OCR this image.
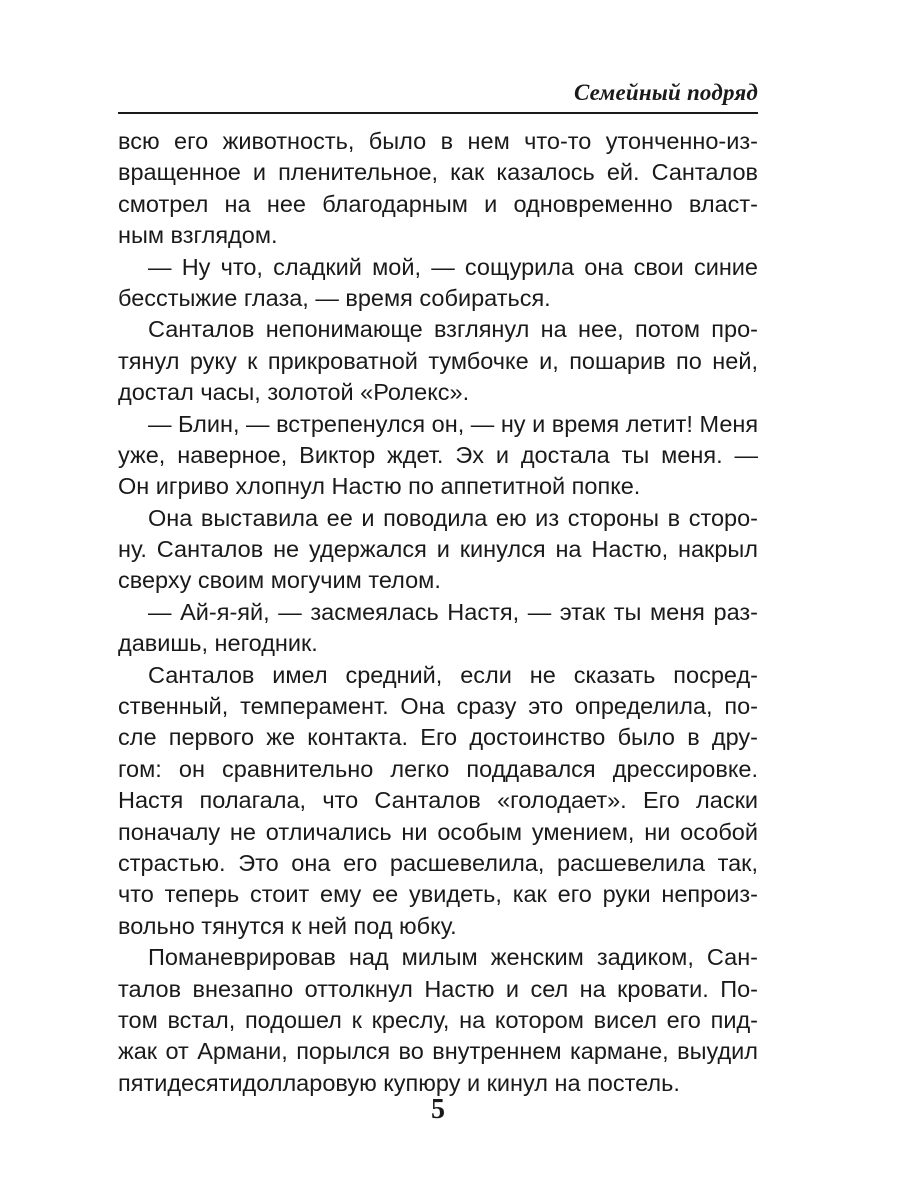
Семейный подряд
всю его животность, было в нем что-то утонченно-из-
вращенное и пленительное, как казалось ей. Санталов
смотрел на нее благодарным и одновременно власт-
ным взглядом.
— Ну что, сладкий мой, — сощурила она свои синие
бесстыжие глаза, — время собираться.
Санталов непонимающе взглянул на нее, потом про-
тянул руку к прикроватной тумбочке и, пошарив по ней,
достал часы, золотой «Ролекс».
— Блин, — встрепенулся он, — ну и время летит! Меня
уже, наверное, Виктор ждет. Эх и достала ты меня. —
Он игриво хлопнул Настю по аппетитной попке.
Она выставила ее и поводила ею из стороны в сторо-
ну. Санталов не удержался и кинулся на Настю, накрыл
сверху своим могучим телом.
— Ай-я-яй, — засмеялась Настя, — этак ты меня раз-
давишь, негодник.
Санталов имел средний, если не сказать посред-
ственный, темперамент. Она сразу это определила, по-
сле первого же контакта. Его достоинство было в дру-
гом: он сравнительно легко поддавался дрессировке.
Настя полагала, что Санталов «голодает». Его ласки
поначалу не отличались ни особым умением, ни особой
страстью. Это она его расшевелила, расшевелила так,
что теперь стоит ему ее увидеть, как его руки непроиз-
вольно тянутся к ней под юбку.
Поманеврировав над милым женским задиком, Сан-
талов внезапно оттолкнул Настю и сел на кровати. По-
том встал, подошел к креслу, на котором висел его пид-
жак от Армани, порылся во внутреннем кармане, выудил
пятидесятидолларовую купюру и кинул на постель.
5
